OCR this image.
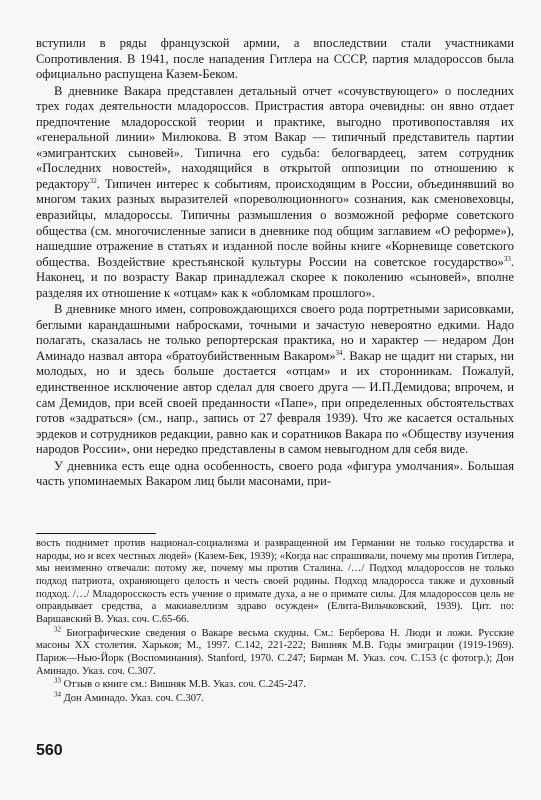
вступили в ряды французской армии, а впоследствии стали участниками Сопротивления. В 1941, после нападения Гитлера на СССР, партия младороссов была официально распущена Казем-Беком.

В дневнике Вакара представлен детальный отчет «сочувствующего» о последних трех годах деятельности младороссов. Пристрастия автора очевидны: он явно отдает предпочтение младоросской теории и практике, выгодно противопоставляя их «генеральной линии» Милюкова. В этом Вакар — типичный представитель партии «эмигрантских сыновей». Типична его судьба: белогвардеец, затем сотрудник «Последних новостей», находящийся в открытой оппозиции по отношению к редактору$^{32}$. Типичен интерес к событиям, происходящим в России, объединявший во многом таких разных выразителей «пореволюционного» сознания, как сменовеховцы, евразийцы, младороссы. Типичны размышления о возможной реформе советского общества (см. многочисленные записи в дневнике под общим заглавием «О реформе»), нашедшие отражение в статьях и изданной после войны книге «Корневище советского общества. Воздействие крестьянской культуры России на советское государство»$^{33}$. Наконец, и по возрасту Вакар принадлежал скорее к поколению «сыновей», вполне разделяя их отношение к «отцам» как к «обломкам прошлого».

В дневнике много имен, сопровождающихся своего рода портретными зарисовками, беглыми карандашными набросками, точными и зачастую невероятно едкими. Надо полагать, сказалась не только репортерская практика, но и характер — недаром Дон Аминадо назвал автора «братоубийственным Вакаром»$^{34}$. Вакар не щадит ни старых, ни молодых, но и здесь больше достается «отцам» и их сторонникам. Пожалуй, единственное исключение автор сделал для своего друга — И.П.Демидова; впрочем, и сам Демидов, при всей своей преданности «Папе», при определенных обстоятельствах готов «задраться» (см., напр., запись от 27 февраля 1939). Что же касается остальных эрдеков и сотрудников редакции, равно как и соратников Вакара по «Обществу изучения народов России», они нередко представлены в самом невыгодном для себя виде.

У дневника есть еще одна особенность, своего рода «фигура умолчания». Большая часть упоминаемых Вакаром лиц были масонами, при-

вость поднимет против национал-социализма и развращенной им Германии не только государства и народы, но и всех честных людей» (Казем-Бек, 1939); «Когда нас спрашивали, почему мы против Гитлера, мы неизменно отвечали: потому же, почему мы против Сталина. /…/ Подход младороссов не только подход патриота, охраняющего целость и честь своей родины. Подход младоросса также и духовный подход. /…/ Младоросскость есть учение о примате духа, а не о примате силы. Для младороссов цель не оправдывает средства, а макиавеллизм здраво осужден» (Елита-Вильчковский, 1939). Цит. по: Варшавский В. Указ. соч. С.65-66.

$^{32}$ Биографические сведения о Вакаре весьма скудны. См.: Берберова Н. Люди и ложи. Русские масоны XX столетия. Харьков; М., 1997. С.142, 221-222; Вишняк М.В. Годы эмиграции (1919-1969). Париж—Нью-Йорк (Воспоминания). Stanford, 1970. С.247; Бирман М. Указ. соч. С.153 (с фотогр.); Дон Аминадо. Указ. соч. С.307.

$^{33}$ Отзыв о книге см.: Вишняк М.В. Указ. соч. С.245-247.

$^{34}$ Дон Аминадо. Указ. соч. С.307.

560
